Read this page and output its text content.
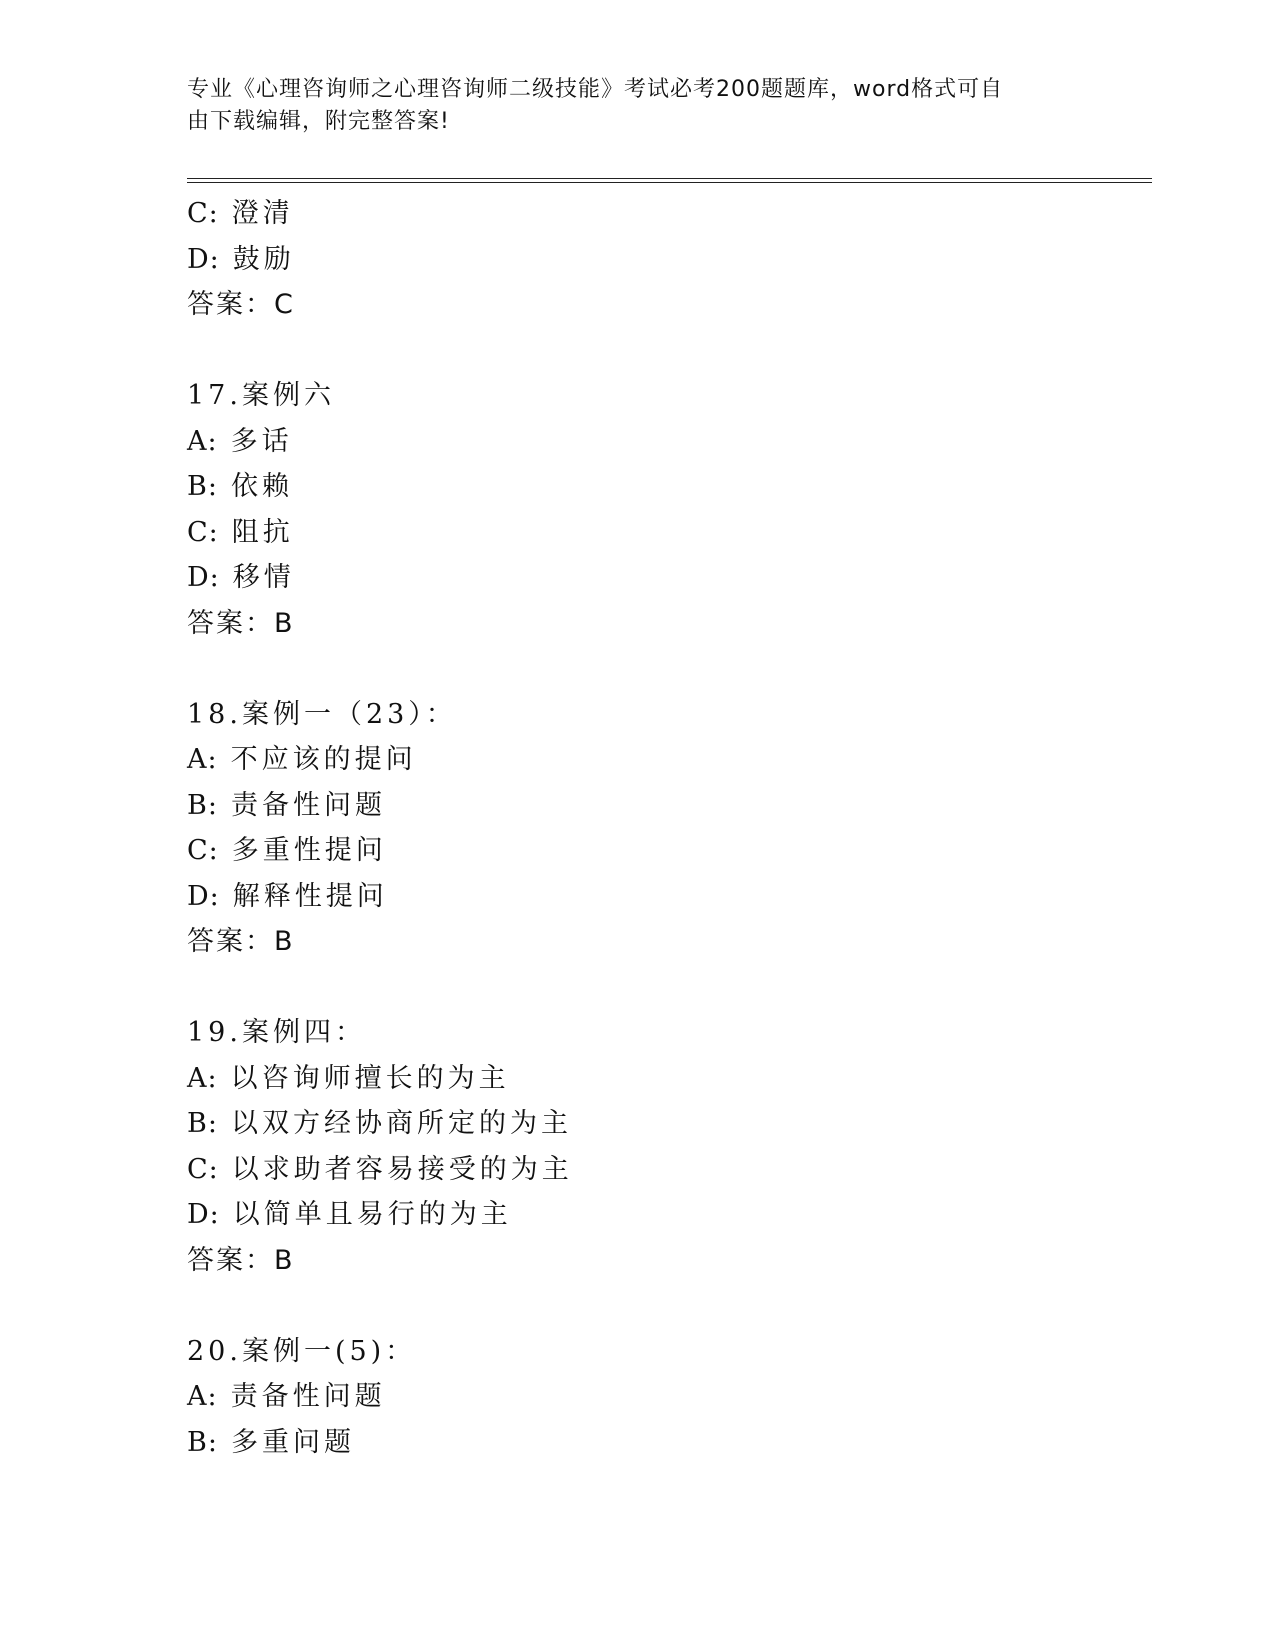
专业《心理咨询师之心理咨询师二级技能》考试必考200题题库，word格式可自
由下载编辑，附完整答案!
C:澄清
D:鼓励
答案：C
17.案例六
A:多话
B:依赖
C:阻抗
D:移情
答案：B
18.案例一（23）：
A:不应该的提问
B:责备性问题
C:多重性提问
D:解释性提问
答案：B
19.案例四：
A:以咨询师擅长的为主
B:以双方经协商所定的为主
C:以求助者容易接受的为主
D:以简单且易行的为主
答案：B
20.案例一(5)：
A:责备性问题
B:多重问题
